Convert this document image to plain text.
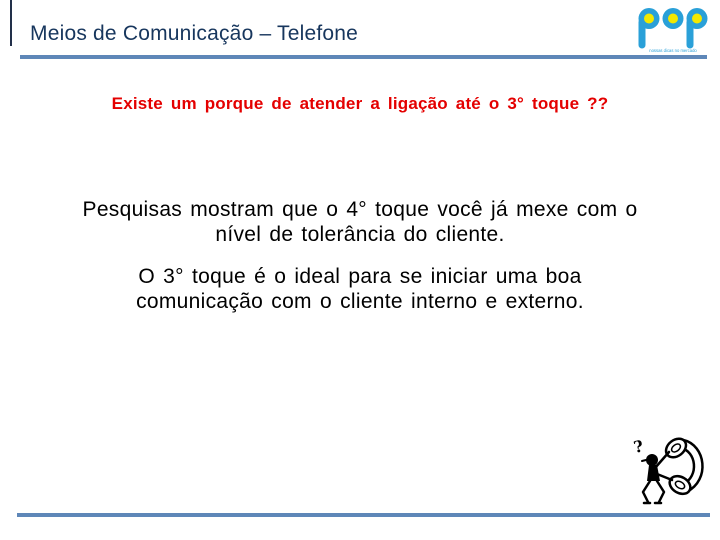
Meios de Comunicação – Telefone
nossas dicas no mercado
Existe um porque de atender a ligação até o 3° toque ??
Pesquisas mostram que o 4° toque você já mexe com o
nível de tolerância do cliente.
O 3° toque é o ideal para se iniciar uma boa
comunicação com o cliente interno e externo.
?
